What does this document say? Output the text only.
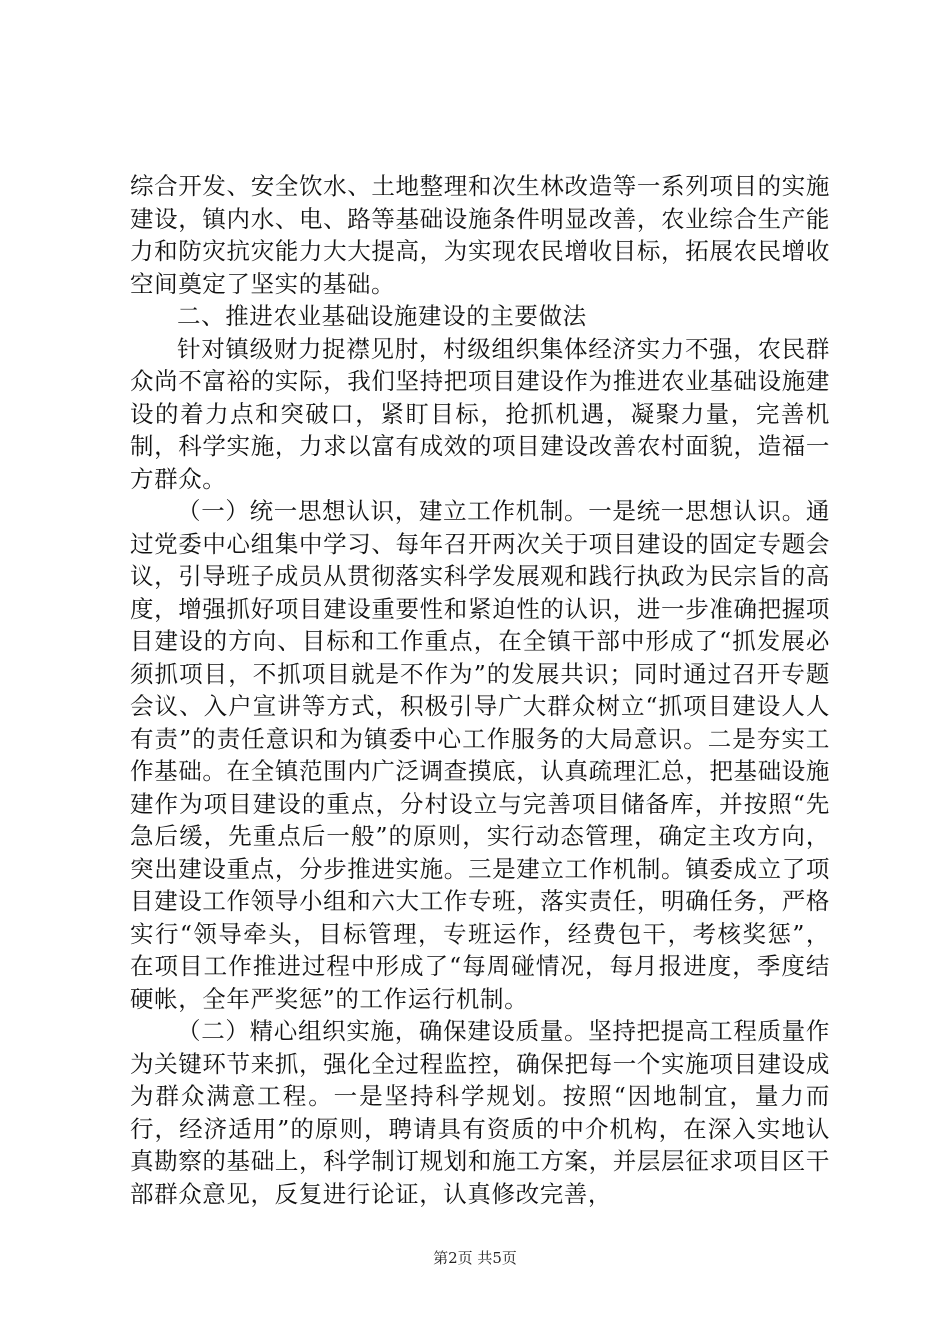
综合开发、安全饮水、土地整理和次生林改造等一系列项目的实施建设，镇内水、电、路等基础设施条件明显改善，农业综合生产能力和防灾抗灾能力大大提高，为实现农民增收目标，拓展农民增收空间奠定了坚实的基础。

二、推进农业基础设施建设的主要做法

针对镇级财力捉襟见肘，村级组织集体经济实力不强，农民群众尚不富裕的实际，我们坚持把项目建设作为推进农业基础设施建设的着力点和突破口，紧盯目标，抢抓机遇，凝聚力量，完善机制，科学实施，力求以富有成效的项目建设改善农村面貌，造福一方群众。

（一）统一思想认识，建立工作机制。一是统一思想认识。通过党委中心组集中学习、每年召开两次关于项目建设的固定专题会议，引导班子成员从贯彻落实科学发展观和践行执政为民宗旨的高度，增强抓好项目建设重要性和紧迫性的认识，进一步准确把握项目建设的方向、目标和工作重点，在全镇干部中形成了“抓发展必须抓项目，不抓项目就是不作为”的发展共识；同时通过召开专题会议、入户宣讲等方式，积极引导广大群众树立“抓项目建设人人有责”的责任意识和为镇委中心工作服务的大局意识。二是夯实工作基础。在全镇范围内广泛调查摸底，认真疏理汇总，把基础设施建作为项目建设的重点，分村设立与完善项目储备库，并按照“先急后缓，先重点后一般”的原则，实行动态管理，确定主攻方向，突出建设重点，分步推进实施。三是建立工作机制。镇委成立了项目建设工作领导小组和六大工作专班，落实责任，明确任务，严格实行“领导牵头，目标管理，专班运作，经费包干，考核奖惩”，在项目工作推进过程中形成了“每周碰情况，每月报进度，季度结硬帐，全年严奖惩”的工作运行机制。

（二）精心组织实施，确保建设质量。坚持把提高工程质量作为关键环节来抓，强化全过程监控，确保把每一个实施项目建设成为群众满意工程。一是坚持科学规划。按照“因地制宜，量力而行，经济适用”的原则，聘请具有资质的中介机构，在深入实地认真勘察的基础上，科学制订规划和施工方案，并层层征求项目区干部群众意见，反复进行论证，认真修改完善，

第2页 共5页
